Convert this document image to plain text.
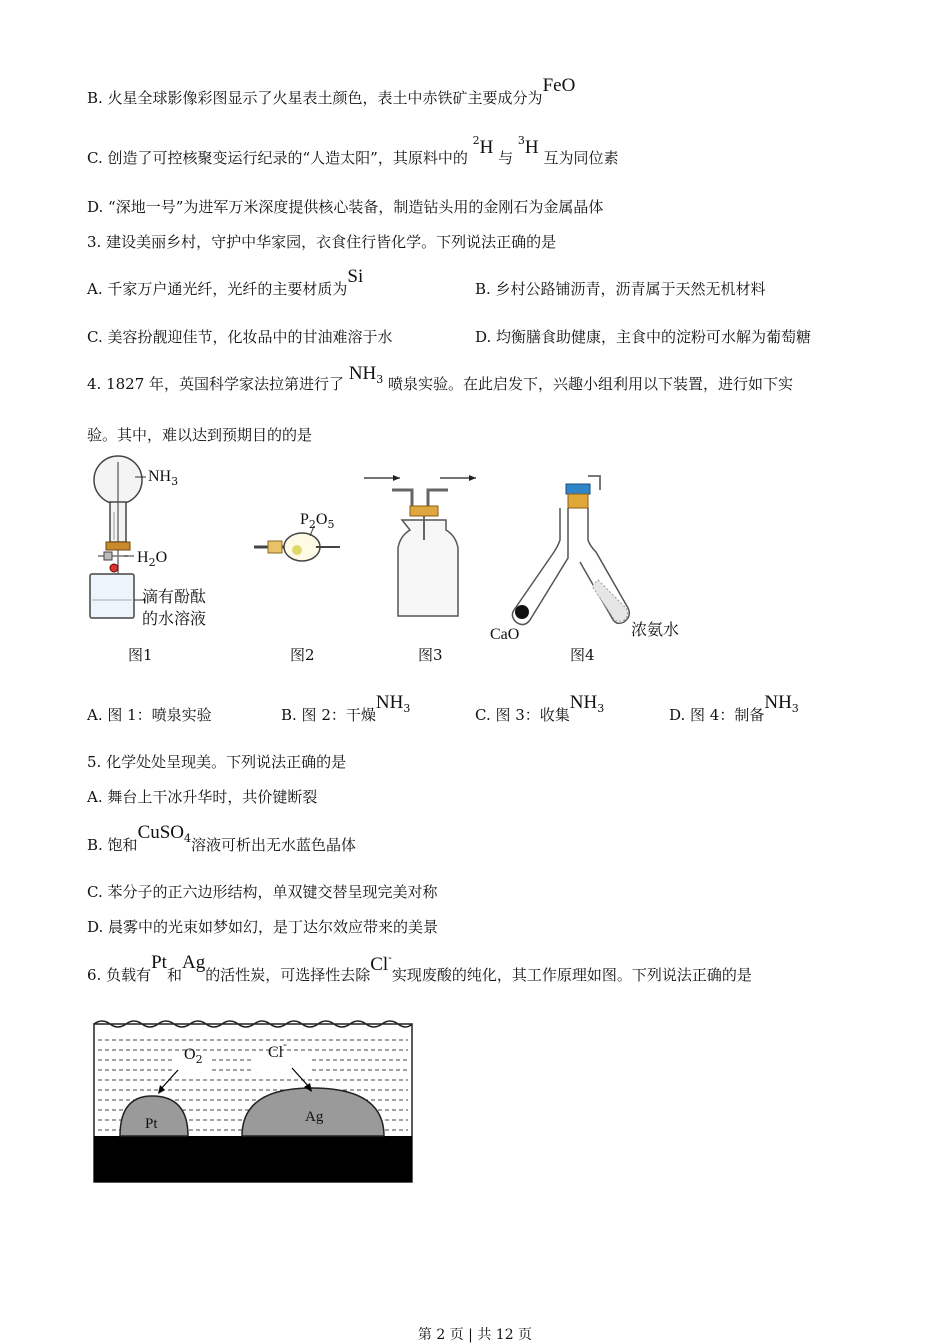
B. 火星全球影像彩图显示了火星表土颜色，表土中赤铁矿主要成分为FeO
C. 创造了可控核聚变运行纪录的“人造太阳”，其原料中的 $^2$H 与 $^3$H 互为同位素
D. “深地一号”为进军万米深度提供核心装备，制造钻头用的金刚石为金属晶体
3. 建设美丽乡村，守护中华家园，衣食住行皆化学。下列说法正确的是
A. 千家万户通光纤，光纤的主要材质为Si
B. 乡村公路铺沥青，沥青属于天然无机材料
C. 美容扮靓迎佳节，化妆品中的甘油难溶于水	D. 均衡膳食助健康，主食中的淀粉可水解为葡萄糖
4. 1827 年，英国科学家法拉第进行了 $NH_3$ 喷泉实验。在此启发下，兴趣小组利用以下装置，进行如下实
验。其中，难以达到预期目的的是
$NH_3$
$H_2O$
滴有酚酞
的水溶液
图1
$P_2O_5$
图2	图3
CaO	浓氨水
图4
A. 图 1：喷泉实验	B. 图 2：干燥$NH_3$	C. 图 3：收集$NH_3$	D. 图 4：制备$NH_3$
5. 化学处处呈现美。下列说法正确的是
A. 舞台上干冰升华时，共价键断裂
B. 饱和CuSO$_4$溶液可析出无水蓝色晶体
C. 苯分子的正六边形结构，单双键交替呈现完美对称
D. 晨雾中的光束如梦如幻，是丁达尔效应带来的美景
6. 负载有Pt和Ag的活性炭，可选择性去除Cl-实现废酸的纯化，其工作原理如图。下列说法正确的是
$O_2$	Cl-
Pt	Ag
第 2 页 | 共 12 页
